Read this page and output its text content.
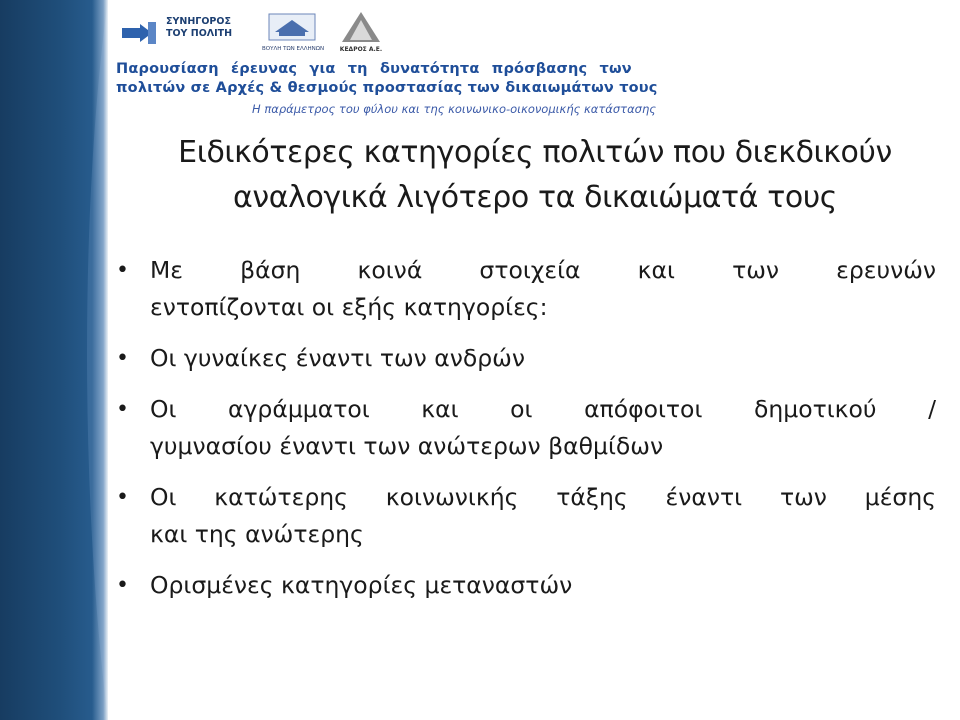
ΣΥΝΗΓΟΡΟΣ
ΤΟΥ ΠΟΛΙΤΗ
ΒΟΥΛΗ ΤΩΝ ΕΛΛΗΝΩΝ	ΚΕΔΡΟΣ Α.Ε.
Παρουσίαση έρευνας για τη δυνατότητα πρόσβασης των
πολιτών σε Αρχές & θεσμούς προστασίας των δικαιωμάτων τους
Η παράμετρος του φύλου και της κοινωνικο-οικονομικής κατάστασης
Ειδικότερες κατηγορίες πολιτών που διεκδικούν
αναλογικά λιγότερο τα δικαιώματά τους
• Με βάση κοινά στοιχεία και των ερευνών
εντοπίζονται οι εξής κατηγορίες:
• Οι γυναίκες έναντι των ανδρών
• Οι αγράμματοι και οι απόφοιτοι δημοτικού /
γυμνασίου έναντι των ανώτερων βαθμίδων
• Οι κατώτερης κοινωνικής τάξης έναντι των μέσης
και της ανώτερης
• Ορισμένες κατηγορίες μεταναστών
